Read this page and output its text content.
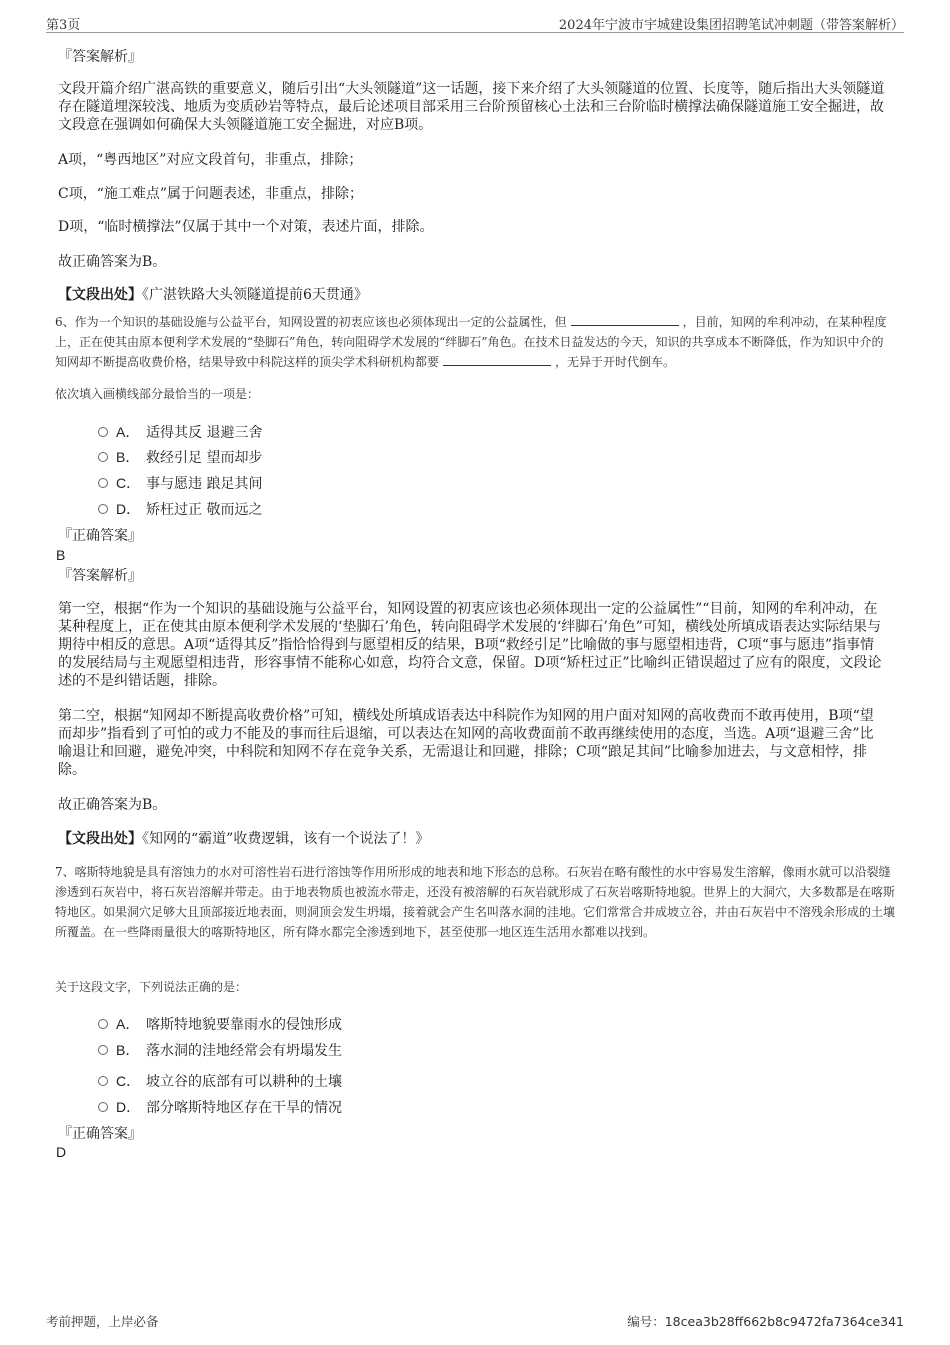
第3页	2024年宁波市宇城建设集团招聘笔试冲刺题（带答案解析）
『答案解析』
文段开篇介绍广湛高铁的重要意义，随后引出“大头领隧道”这一话题，接下来介绍了大头领隧道的位置、长度等，随后指出大头领隧道存在隧道埋深较浅、地质为变质砂岩等特点，最后论述项目部采用三台阶预留核心土法和三台阶临时横撑法确保隧道施工安全掘进，故文段意在强调如何确保大头领隧道施工安全掘进，对应B项。
A项，“粤西地区”对应文段首句，非重点，排除；
C项，“施工难点”属于问题表述，非重点，排除；
D项，“临时横撑法”仅属于其中一个对策，表述片面，排除。
故正确答案为B。
【文段出处】《广湛铁路大头领隧道提前6天贯通》
6、作为一个知识的基础设施与公益平台，知网设置的初衷应该也必须体现出一定的公益属性，但	，目前，知网的牟利冲动，在某种程度上，正在使其由原本便利学术发展的“垫脚石”角色，转向阻碍学术发展的“绊脚石”角色。在技术日益发达的今天，知识的共享成本不断降低，作为知识中介的知网却不断提高收费价格，结果导致中科院这样的顶尖学术科研机构都要	，无异于开时代倒车。
依次填入画横线部分最恰当的一项是：
A． 适得其反 退避三舍
B． 救经引足 望而却步
C． 事与愿违 踉足其间
D． 矫枉过正 敬而远之
『正确答案』
B
『答案解析』
第一空，根据“作为一个知识的基础设施与公益平台，知网设置的初衷应该也必须体现出一定的公益属性”“目前，知网的牟利冲动，在某种程度上，正在使其由原本便利学术发展的‘垫脚石’角色，转向阻碍学术发展的‘绊脚石’角色”可知，横线处所填成语表达实际结果与期待中相反的意思。A项“适得其反”指恰恰得到与愿望相反的结果，B项“救经引足”比喻做的事与愿望相违背，C项“事与愿违”指事情的发展结局与主观愿望相违背，形容事情不能称心如意，均符合文意，保留。D项“矫枉过正”比喻纠正错误超过了应有的限度，文段论述的不是纠错话题，排除。
第二空，根据“知网却不断提高收费价格”可知，横线处所填成语表达中科院作为知网的用户面对知网的高收费而不敢再使用，B项“望而却步”指看到了可怕的或力不能及的事而往后退缩，可以表达在知网的高收费面前不敢再继续使用的态度，当选。A项“退避三舍”比喻退让和回避，避免冲突，中科院和知网不存在竞争关系，无需退让和回避，排除；C项“踉足其间”比喻参加进去，与文意相悖，排除。
故正确答案为B。
【文段出处】《知网的“霸道”收费逻辑，该有一个说法了！》
7、喀斯特地貌是具有溶蚀力的水对可溶性岩石进行溶蚀等作用所形成的地表和地下形态的总称。石灰岩在略有酸性的水中容易发生溶解，像雨水就可以沿裂缝渗透到石灰岩中，将石灰岩溶解并带走。由于地表物质也被流水带走，还没有被溶解的石灰岩就形成了石灰岩喀斯特地貌。世界上的大洞穴，大多数都是在喀斯特地区。如果洞穴足够大且顶部接近地表面，则洞顶会发生坍塌，接着就会产生名叫落水洞的洼地。它们常常合并成坡立谷，并由石灰岩中不溶残余形成的土壤所覆盖。在一些降雨量很大的喀斯特地区，所有降水都完全渗透到地下，甚至使那一地区连生活用水都难以找到。
关于这段文字，下列说法正确的是：
A． 喀斯特地貌要靠雨水的侵蚀形成
B． 落水洞的洼地经常会有坍塌发生
C． 坡立谷的底部有可以耕种的土壤
D． 部分喀斯特地区存在干旱的情况
『正确答案』
D
考前押题，上岸必备	编号：18cea3b28ff662b8c9472fa7364ce341
